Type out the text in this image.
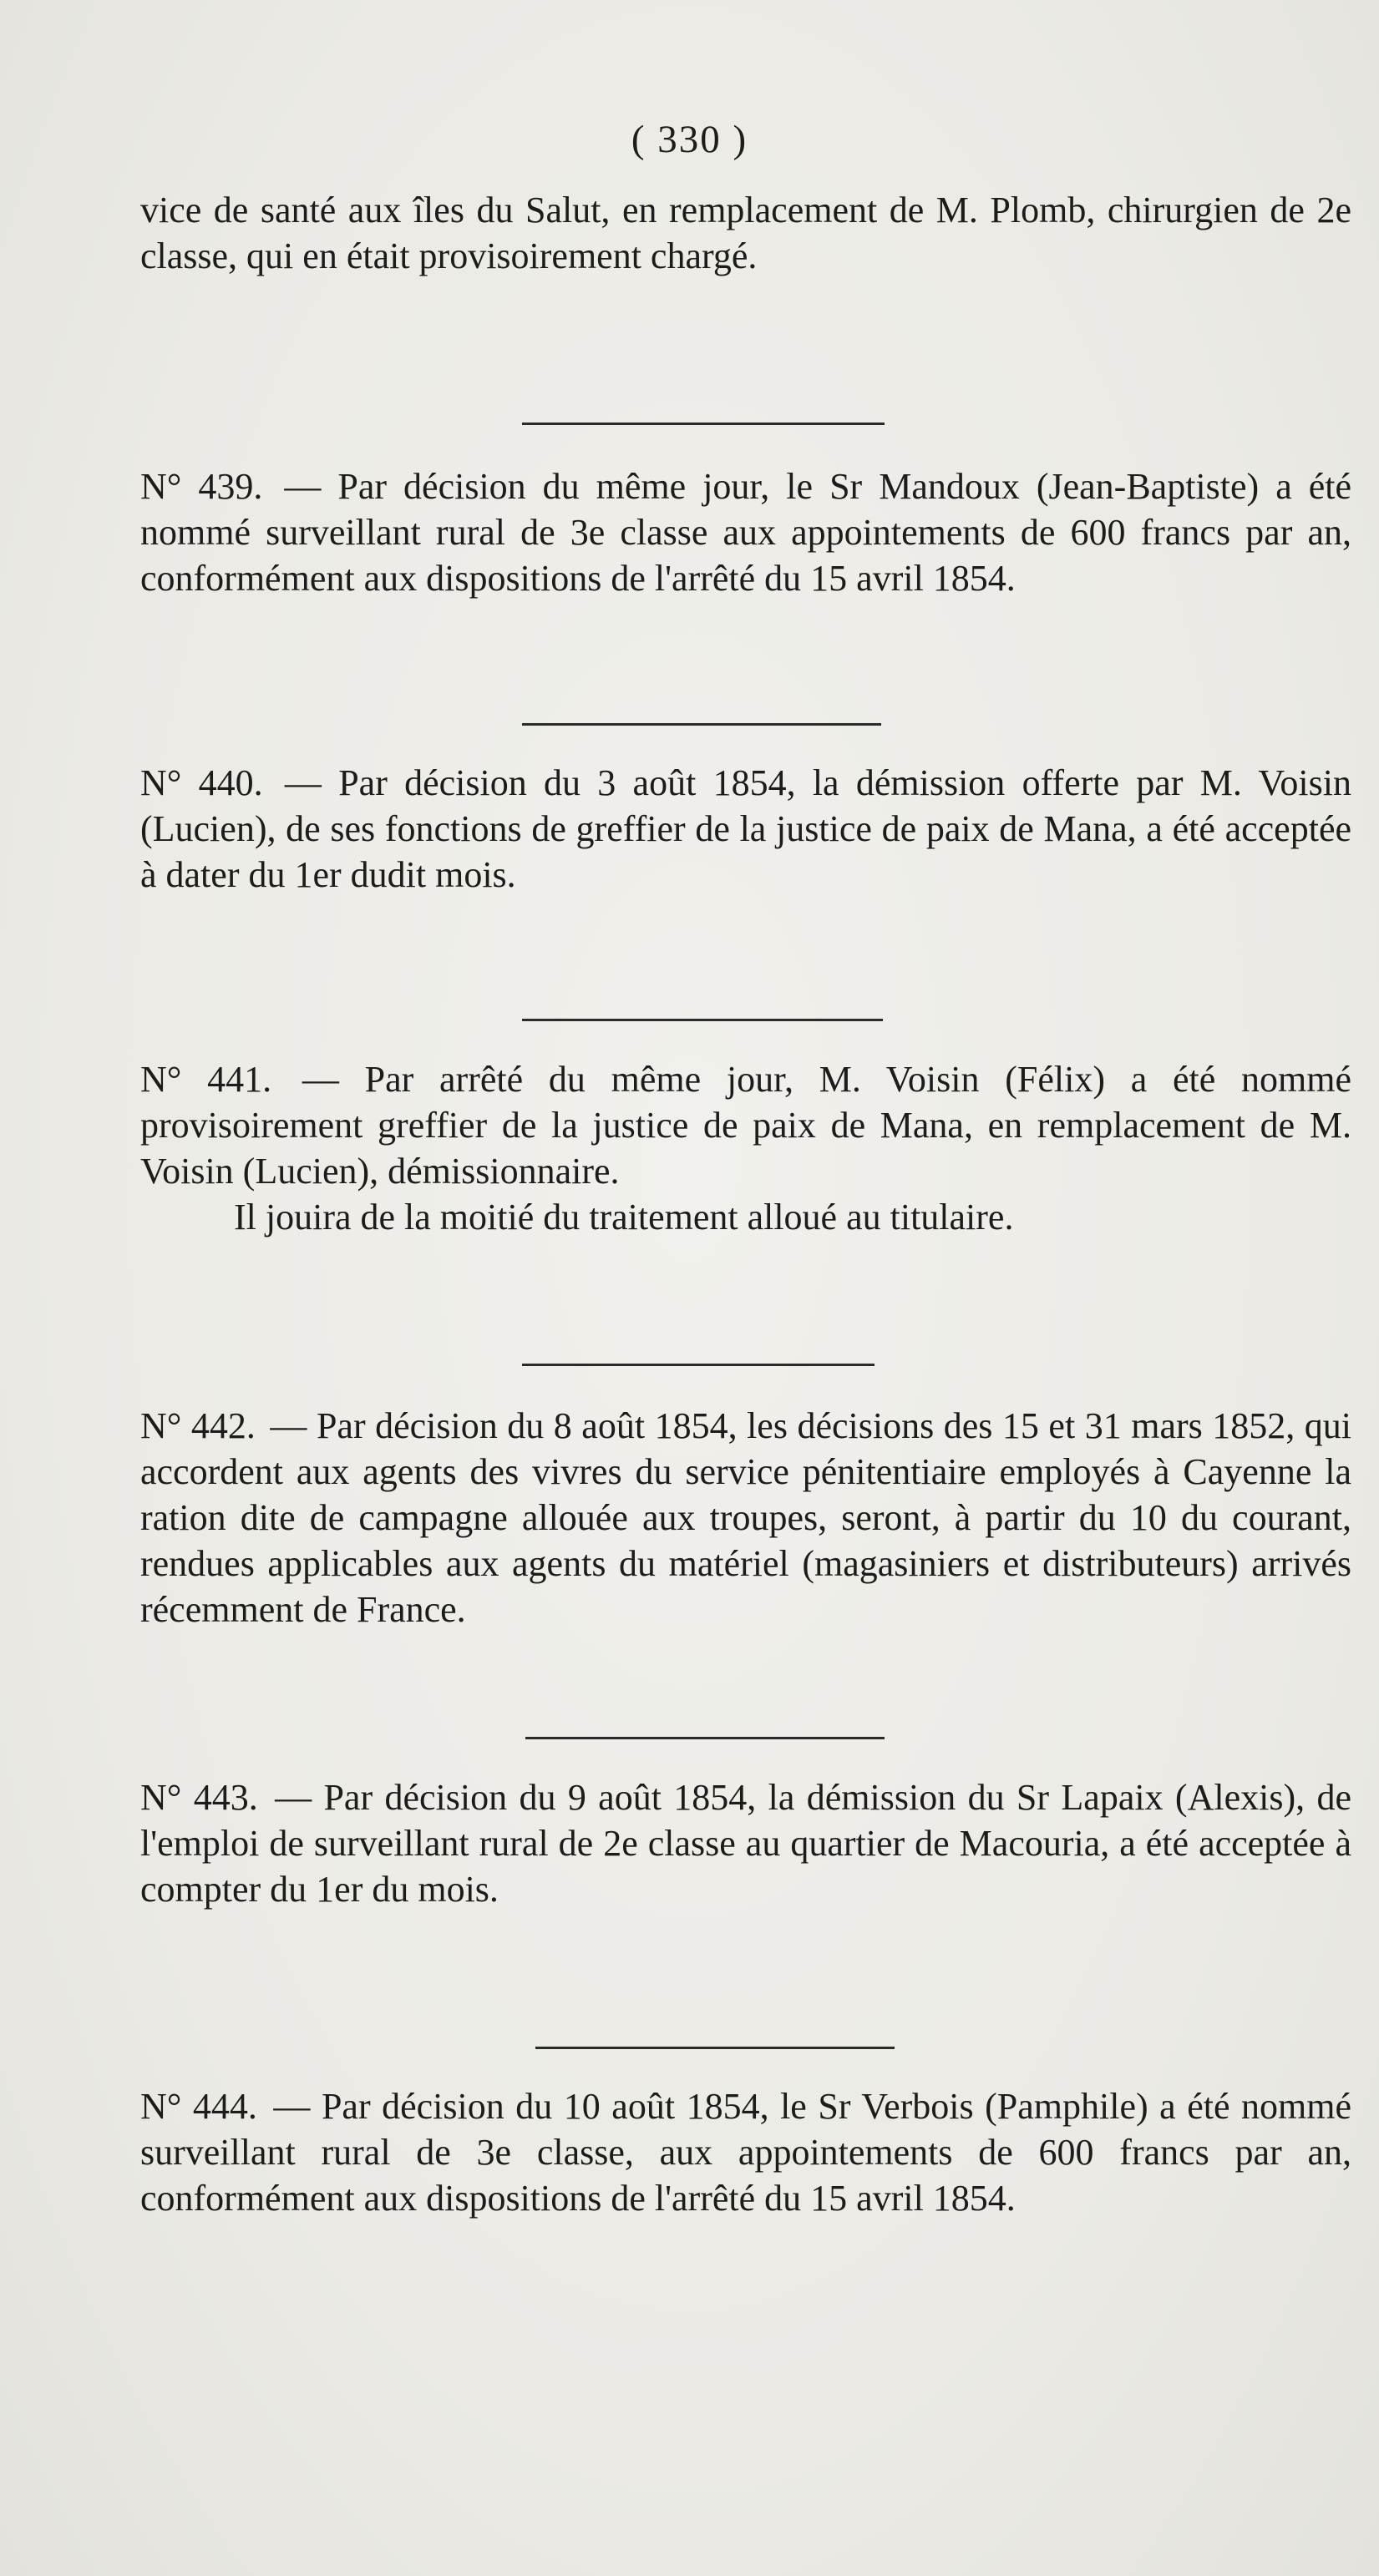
( 330 )

vice de santé aux îles du Salut, en remplacement de M. Plomb, chirurgien de 2e classe, qui en était provisoirement chargé.

N° 439. — Par décision du même jour, le Sr Mandoux (Jean-Baptiste) a été nommé surveillant rural de 3e classe aux appointements de 600 francs par an, conformément aux dispositions de l'arrêté du 15 avril 1854.

N° 440. — Par décision du 3 août 1854, la démission offerte par M. Voisin (Lucien), de ses fonctions de greffier de la justice de paix de Mana, a été acceptée à dater du 1er dudit mois.

N° 441. — Par arrêté du même jour, M. Voisin (Félix) a été nommé provisoirement greffier de la justice de paix de Mana, en remplacement de M. Voisin (Lucien), démissionnaire.

Il jouira de la moitié du traitement alloué au titulaire.

N° 442. — Par décision du 8 août 1854, les décisions des 15 et 31 mars 1852, qui accordent aux agents des vivres du service pénitentiaire employés à Cayenne la ration dite de campagne allouée aux troupes, seront, à partir du 10 du courant, rendues applicables aux agents du matériel (magasiniers et distributeurs) arrivés récemment de France.

N° 443. — Par décision du 9 août 1854, la démission du Sr Lapaix (Alexis), de l'emploi de surveillant rural de 2e classe au quartier de Macouria, a été acceptée à compter du 1er du mois.

N° 444. — Par décision du 10 août 1854, le Sr Verbois (Pamphile) a été nommé surveillant rural de 3e classe, aux appointements de 600 francs par an, conformément aux dispositions de l'arrêté du 15 avril 1854.
